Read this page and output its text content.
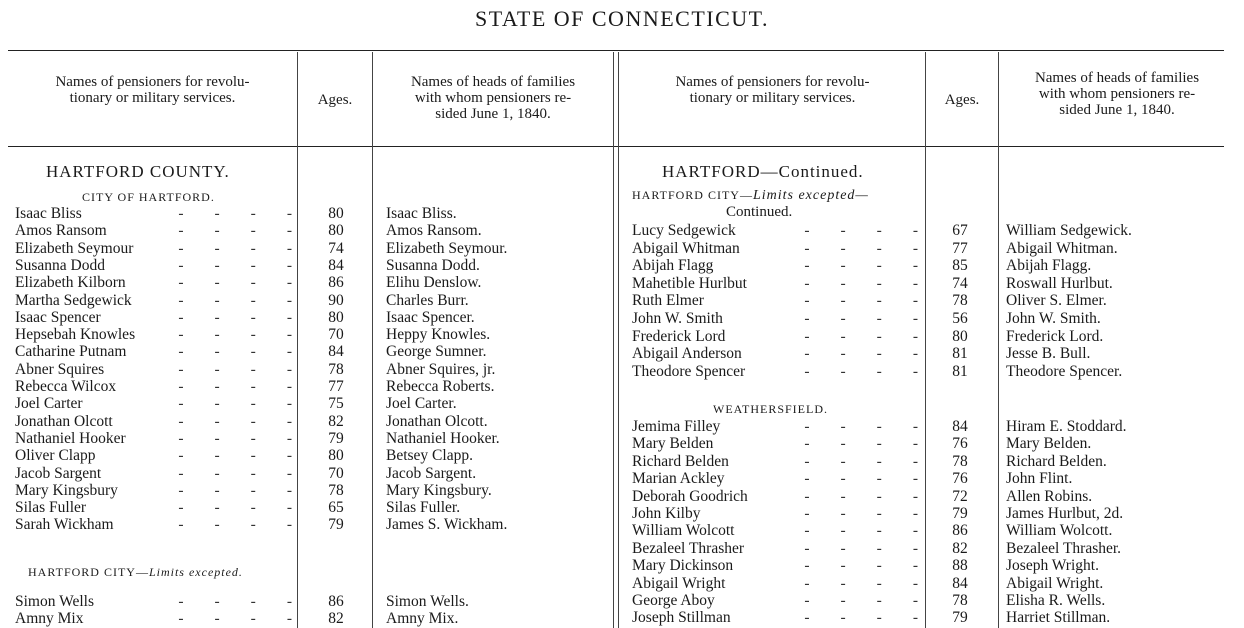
STATE OF CONNECTICUT.
Names of pensioners for revolu-
tionary or military services.	Ages.
Names of heads of families
with whom pensioners re-
sided June 1, 1840.
Names of pensioners for revolu-
tionary or military services.	Ages.
Names of heads of families
with whom pensioners re-
sided June 1, 1840.
HARTFORD COUNTY.
CITY OF HARTFORD.
HARTFORD CITY—Limits excepted.
HARTFORD—Continued.
HARTFORD CITY—Limits excepted—
Continued.
WEATHERSFIELD.
Isaac Bliss	-  -  -  -	80	Isaac Bliss.
Amos Ransom	-  -  -  -	80	Amos Ransom.
Elizabeth Seymour	-  -  -  -	74	Elizabeth Seymour.
Susanna Dodd	-  -  -  -	84	Susanna Dodd.
Elizabeth Kilborn	-  -  -  -	86	Elihu Denslow.
Martha Sedgewick	-  -  -  -	90	Charles Burr.
Isaac Spencer	-  -  -  -	80	Isaac Spencer.
Hepsebah Knowles	-  -  -  -	70	Heppy Knowles.
Catharine Putnam	-  -  -  -	84	George Sumner.
Abner Squires	-  -  -  -	78	Abner Squires, jr.
Rebecca Wilcox	-  -  -  -	77	Rebecca Roberts.
Joel Carter	-  -  -  -	75	Joel Carter.
Jonathan Olcott	-  -  -  -	82	Jonathan Olcott.
Nathaniel Hooker	-  -  -  -	79	Nathaniel Hooker.
Oliver Clapp	-  -  -  -	80	Betsey Clapp.
Jacob Sargent	-  -  -  -	70	Jacob Sargent.
Mary Kingsbury	-  -  -  -	78	Mary Kingsbury.
Silas Fuller	-  -  -  -	65	Silas Fuller.
Sarah Wickham	-  -  -  -	79	James S. Wickham.
Simon Wells	-  -  -  -	86	Simon Wells.
Amny Mix	-  -  -  -	82	Amny Mix.
Lucy Sedgewick	-  -  -  -	67	William Sedgewick.
Abigail Whitman	-  -  -  -	77	Abigail Whitman.
Abijah Flagg	-  -  -  -	85	Abijah Flagg.
Mahetible Hurlbut	-  -  -  -	74	Roswall Hurlbut.
Ruth Elmer	-  -  -  -	78	Oliver S. Elmer.
John W. Smith	-  -  -  -	56	John W. Smith.
Frederick Lord	-  -  -  -	80	Frederick Lord.
Abigail Anderson	-  -  -  -	81	Jesse B. Bull.
Theodore Spencer	-  -  -  -	81	Theodore Spencer.
Jemima Filley	-  -  -  -	84	Hiram E. Stoddard.
Mary Belden	-  -  -  -	76	Mary Belden.
Richard Belden	-  -  -  -	78	Richard Belden.
Marian Ackley	-  -  -  -	76	John Flint.
Deborah Goodrich	-  -  -  -	72	Allen Robins.
John Kilby	-  -  -  -	79	James Hurlbut, 2d.
William Wolcott	-  -  -  -	86	William Wolcott.
Bezaleel Thrasher	-  -  -  -	82	Bezaleel Thrasher.
Mary Dickinson	-  -  -  -	88	Joseph Wright.
Abigail Wright	-  -  -  -	84	Abigail Wright.
George Aboy	-  -  -  -	78	Elisha R. Wells.
Joseph Stillman	-  -  -  -	79	Harriet Stillman.
